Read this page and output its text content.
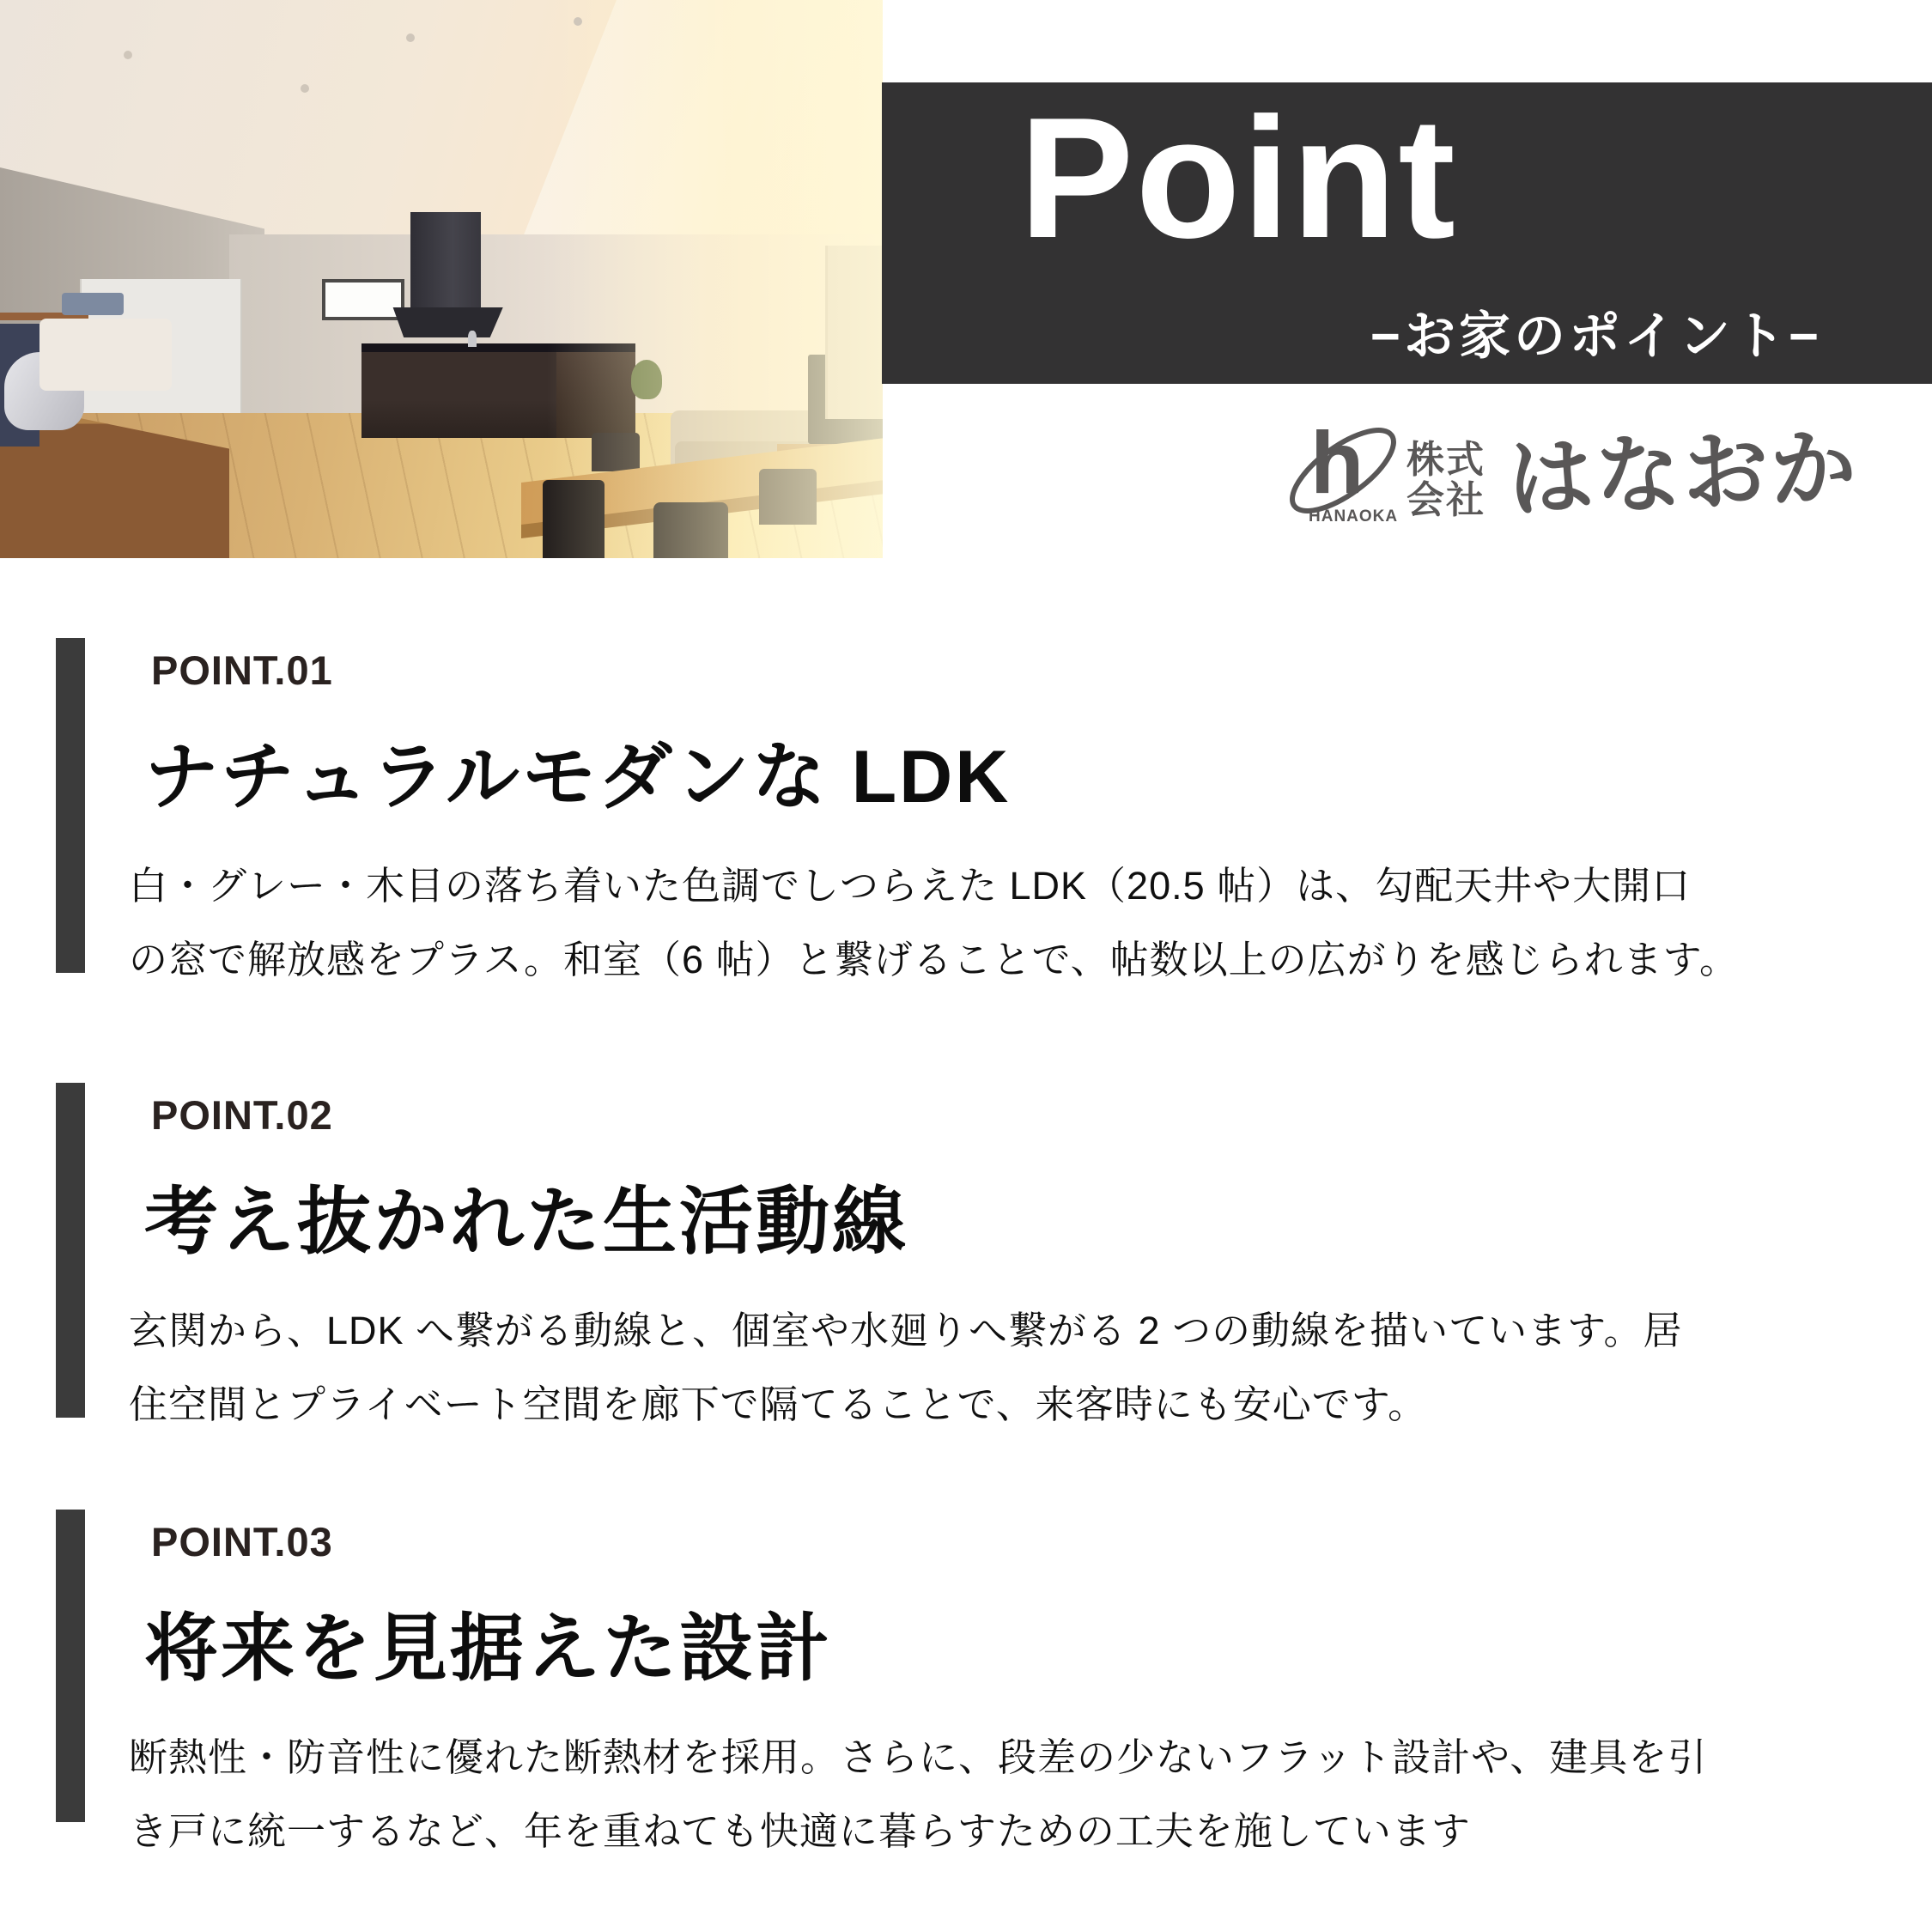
Point
−お家のポイント−
h
HANAOKA
株式
会社 はなおか
POINT.01
ナチュラルモダンな LDK
白・グレー・木目の落ち着いた色調でしつらえた LDK（20.5 帖）は、勾配天井や大開口
の窓で解放感をプラス。和室（6 帖）と繋げることで、帖数以上の広がりを感じられます。
POINT.02
考え抜かれた生活動線
玄関から、LDK へ繋がる動線と、個室や水廻りへ繋がる 2 つの動線を描いています。居
住空間とプライベート空間を廊下で隔てることで、来客時にも安心です。
POINT.03
将来を見据えた設計
断熱性・防音性に優れた断熱材を採用。さらに、段差の少ないフラット設計や、建具を引
き戸に統一するなど、年を重ねても快適に暮らすための工夫を施しています
